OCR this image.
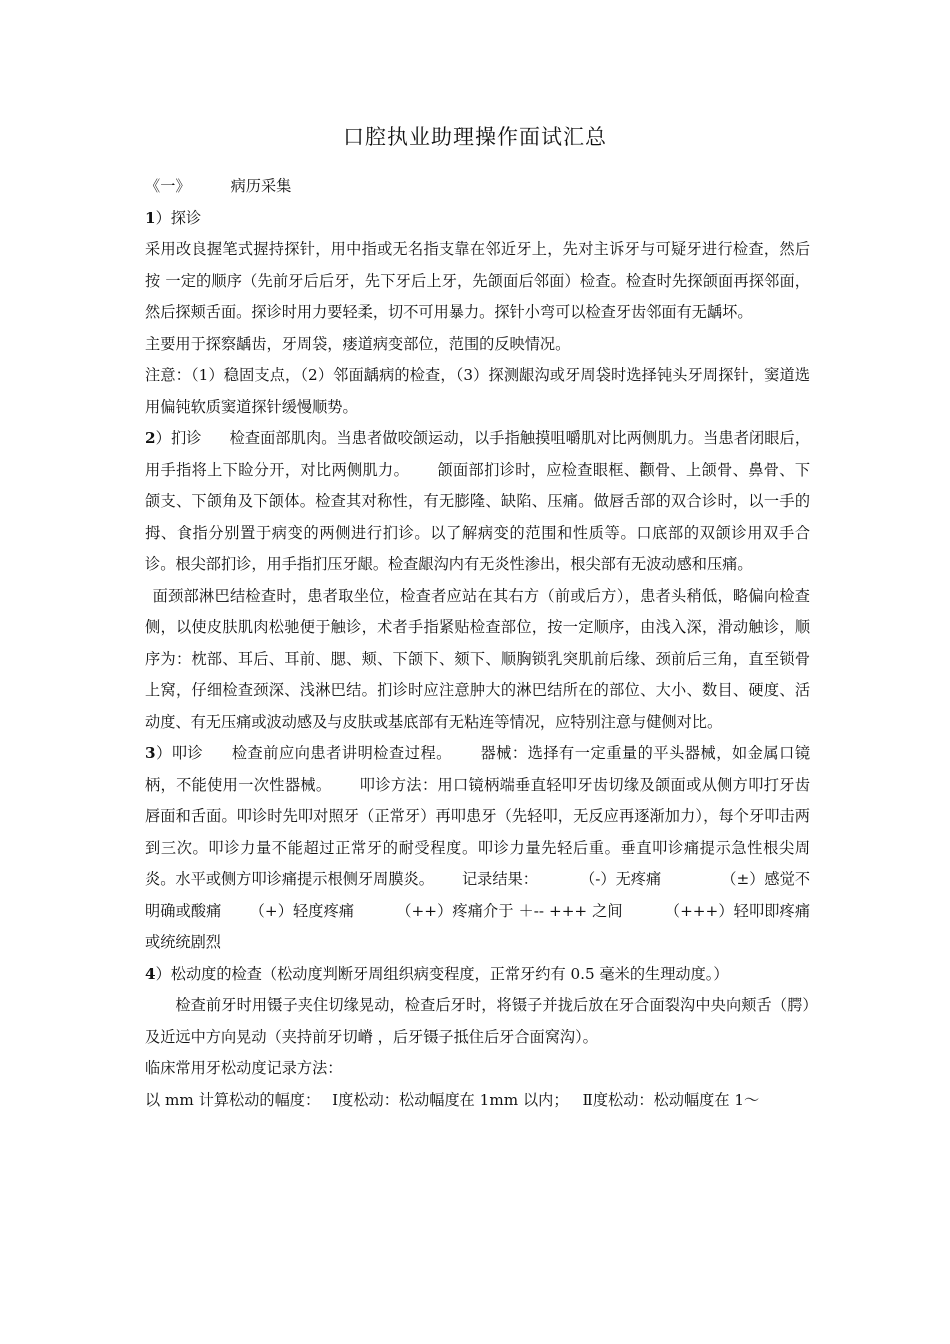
口腔执业助理操作面试汇总

《一》	病历采集

1）探诊

采用改良握笔式握持探针，用中指或无名指支靠在邻近牙上，先对主诉牙与可疑牙进行检查，然后按 一定的顺序（先前牙后后牙，先下牙后上牙，先颌面后邻面）检查。检查时先探颌面再探邻面，然后探颊舌面。探诊时用力要轻柔，切不可用暴力。探针小弯可以检查牙齿邻面有无龋坏。

主要用于探察龋齿，牙周袋，瘘道病变部位，范围的反映情况。

注意：（1）稳固支点，（2）邻面龋病的检查，（3）探测龈沟或牙周袋时选择钝头牙周探针，窦道选用偏钝软质窦道探针缓慢顺势。

2）扪诊 检查面部肌肉。当患者做咬颌运动，以手指触摸咀嚼肌对比两侧肌力。当患者闭眼后，用手指将上下睑分开，对比两侧肌力。 颌面部扪诊时，应检查眼框、颧骨、上颌骨、鼻骨、下颌支、下颌角及下颌体。检查其对称性，有无膨隆、缺陷、压痛。做唇舌部的双合诊时，以一手的拇、食指分别置于病变的两侧进行扪诊。以了解病变的范围和性质等。口底部的双颌诊用双手合诊。根尖部扪诊，用手指扪压牙龈。检查龈沟内有无炎性渗出，根尖部有无波动感和压痛。

面颈部淋巴结检查时，患者取坐位，检查者应站在其右方（前或后方），患者头稍低，略偏向检查侧，以使皮肤肌肉松驰便于触诊，术者手指紧贴检查部位，按一定顺序，由浅入深，滑动触诊，顺序为：枕部、耳后、耳前、腮、颊、下颌下、颏下、顺胸锁乳突肌前后缘、颈前后三角，直至锁骨上窝，仔细检查颈深、浅淋巴结。扪诊时应注意肿大的淋巴结所在的部位、大小、数目、硬度、活动度、有无压痛或波动感及与皮肤或基底部有无粘连等情况，应特别注意与健侧对比。

3）叩诊 检查前应向患者讲明检查过程。 器械：选择有一定重量的平头器械，如金属口镜柄，不能使用一次性器械。 叩诊方法：用口镜柄端垂直轻叩牙齿切缘及颌面或从侧方叩打牙齿唇面和舌面。叩诊时先叩对照牙（正常牙）再叩患牙（先轻叩，无反应再逐渐加力），每个牙叩击两到三次。叩诊力量不能超过正常牙的耐受程度。叩诊力量先轻后重。垂直叩诊痛提示急性根尖周炎。水平或侧方叩诊痛提示根侧牙周膜炎。 记录结果：	（-）无疼痛	（±）感觉不明确或酸痛 （+）轻度疼痛	（++）疼痛介于 ＋-- +++ 之间	（+++）轻叩即疼痛或统统剧烈

4）松动度的检查（松动度判断牙周组织病变程度，正常牙约有 0.5 毫米的生理动度。）

检查前牙时用镊子夹住切缘晃动，检查后牙时，将镊子并拢后放在牙合面裂沟中央向颊舌（腭）及近远中方向晃动（夹持前牙切嵴 ，后牙镊子抵住后牙合面窝沟）。

临床常用牙松动度记录方法：

以 mm 计算松动的幅度： Ⅰ度松动：松动幅度在 1mm 以内； Ⅱ度松动：松动幅度在 1～
